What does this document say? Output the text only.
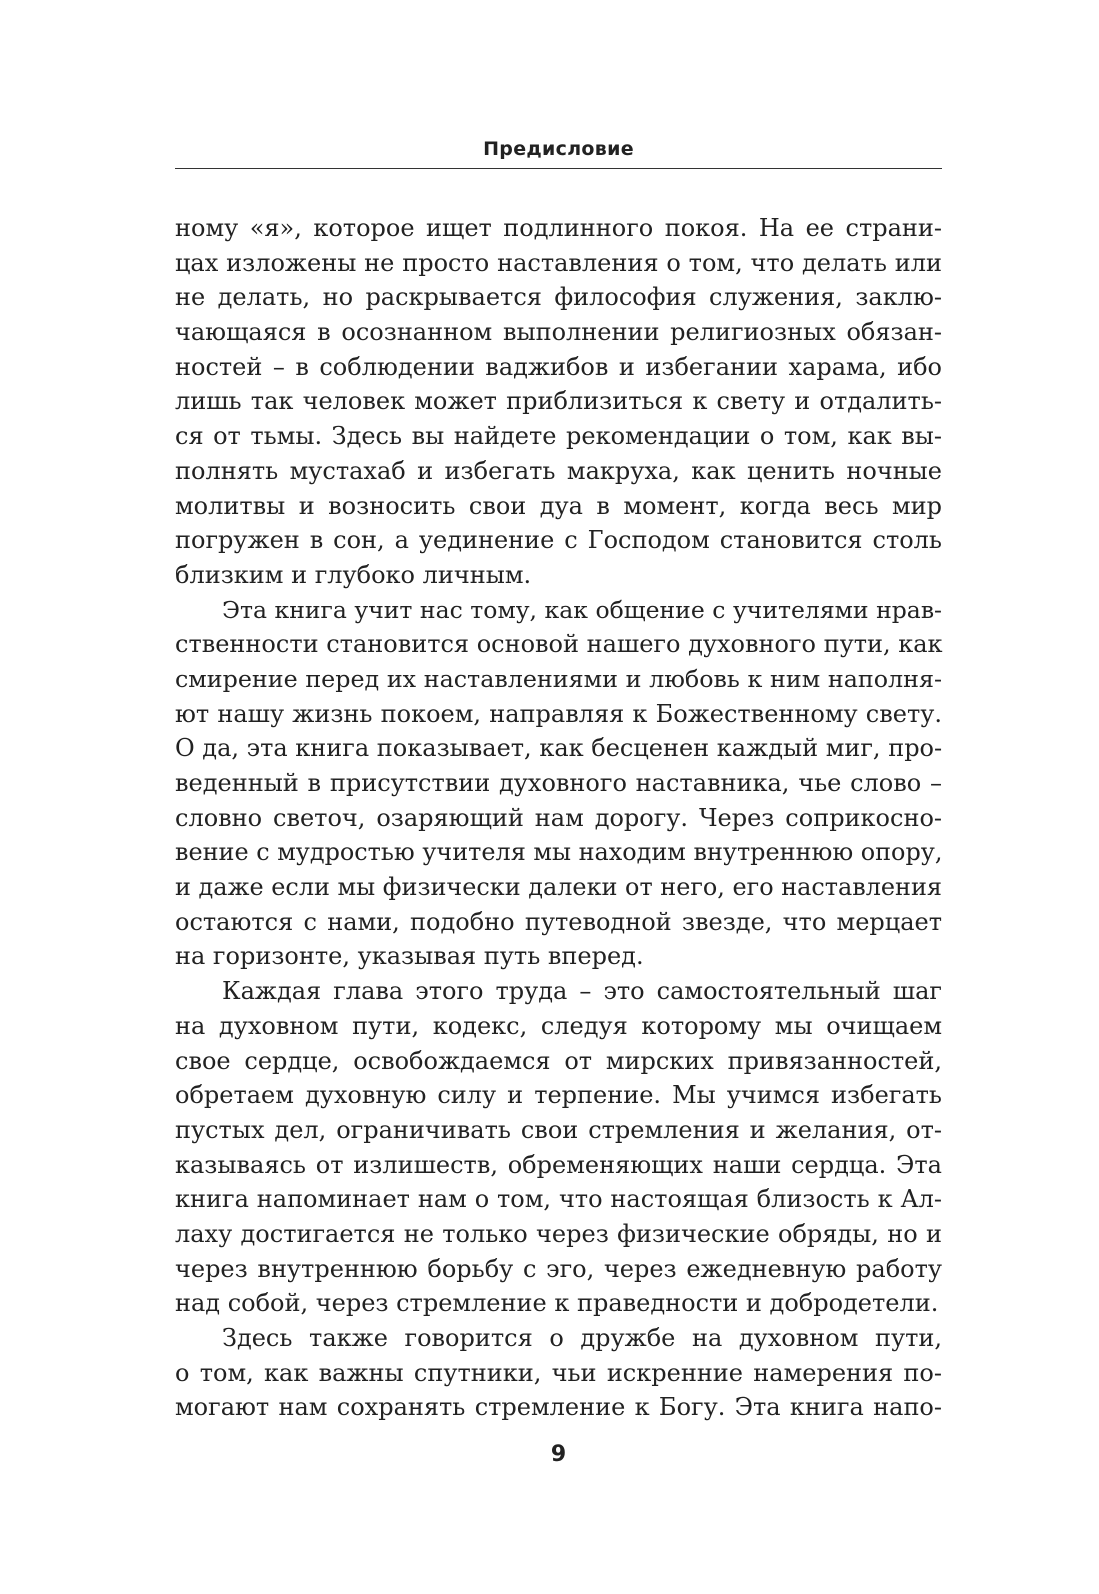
Предисловие
ному «я», которое ищет подлинного покоя. На ее страни-
цах изложены не просто наставления о том, что делать или
не делать, но раскрывается философия служения, заклю-
чающаяся в осознанном выполнении религиозных обязан-
ностей – в соблюдении ваджибов и избегании харама, ибо
лишь так человек может приблизиться к свету и отдалить-
ся от тьмы. Здесь вы найдете рекомендации о том, как вы-
полнять мустахаб и избегать макруха, как ценить ночные
молитвы и возносить свои дуа в момент, когда весь мир
погружен в сон, а уединение с Господом становится столь
близким и глубоко личным.
Эта книга учит нас тому, как общение с учителями нрав-
ственности становится основой нашего духовного пути, как
смирение перед их наставлениями и любовь к ним наполня-
ют нашу жизнь покоем, направляя к Божественному свету.
О да, эта книга показывает, как бесценен каждый миг, про-
веденный в присутствии духовного наставника, чье слово –
словно светоч, озаряющий нам дорогу. Через соприкосно-
вение с мудростью учителя мы находим внутреннюю опору,
и даже если мы физически далеки от него, его наставления
остаются с нами, подобно путеводной звезде, что мерцает
на горизонте, указывая путь вперед.
Каждая глава этого труда – это самостоятельный шаг
на духовном пути, кодекс, следуя которому мы очищаем
свое сердце, освобождаемся от мирских привязанностей,
обретаем духовную силу и терпение. Мы учимся избегать
пустых дел, ограничивать свои стремления и желания, от-
казываясь от излишеств, обременяющих наши сердца. Эта
книга напоминает нам о том, что настоящая близость к Ал-
лаху достигается не только через физические обряды, но и
через внутреннюю борьбу с эго, через ежедневную работу
над собой, через стремление к праведности и добродетели.
Здесь также говорится о дружбе на духовном пути,
о том, как важны спутники, чьи искренние намерения по-
могают нам сохранять стремление к Богу. Эта книга напо-
9
